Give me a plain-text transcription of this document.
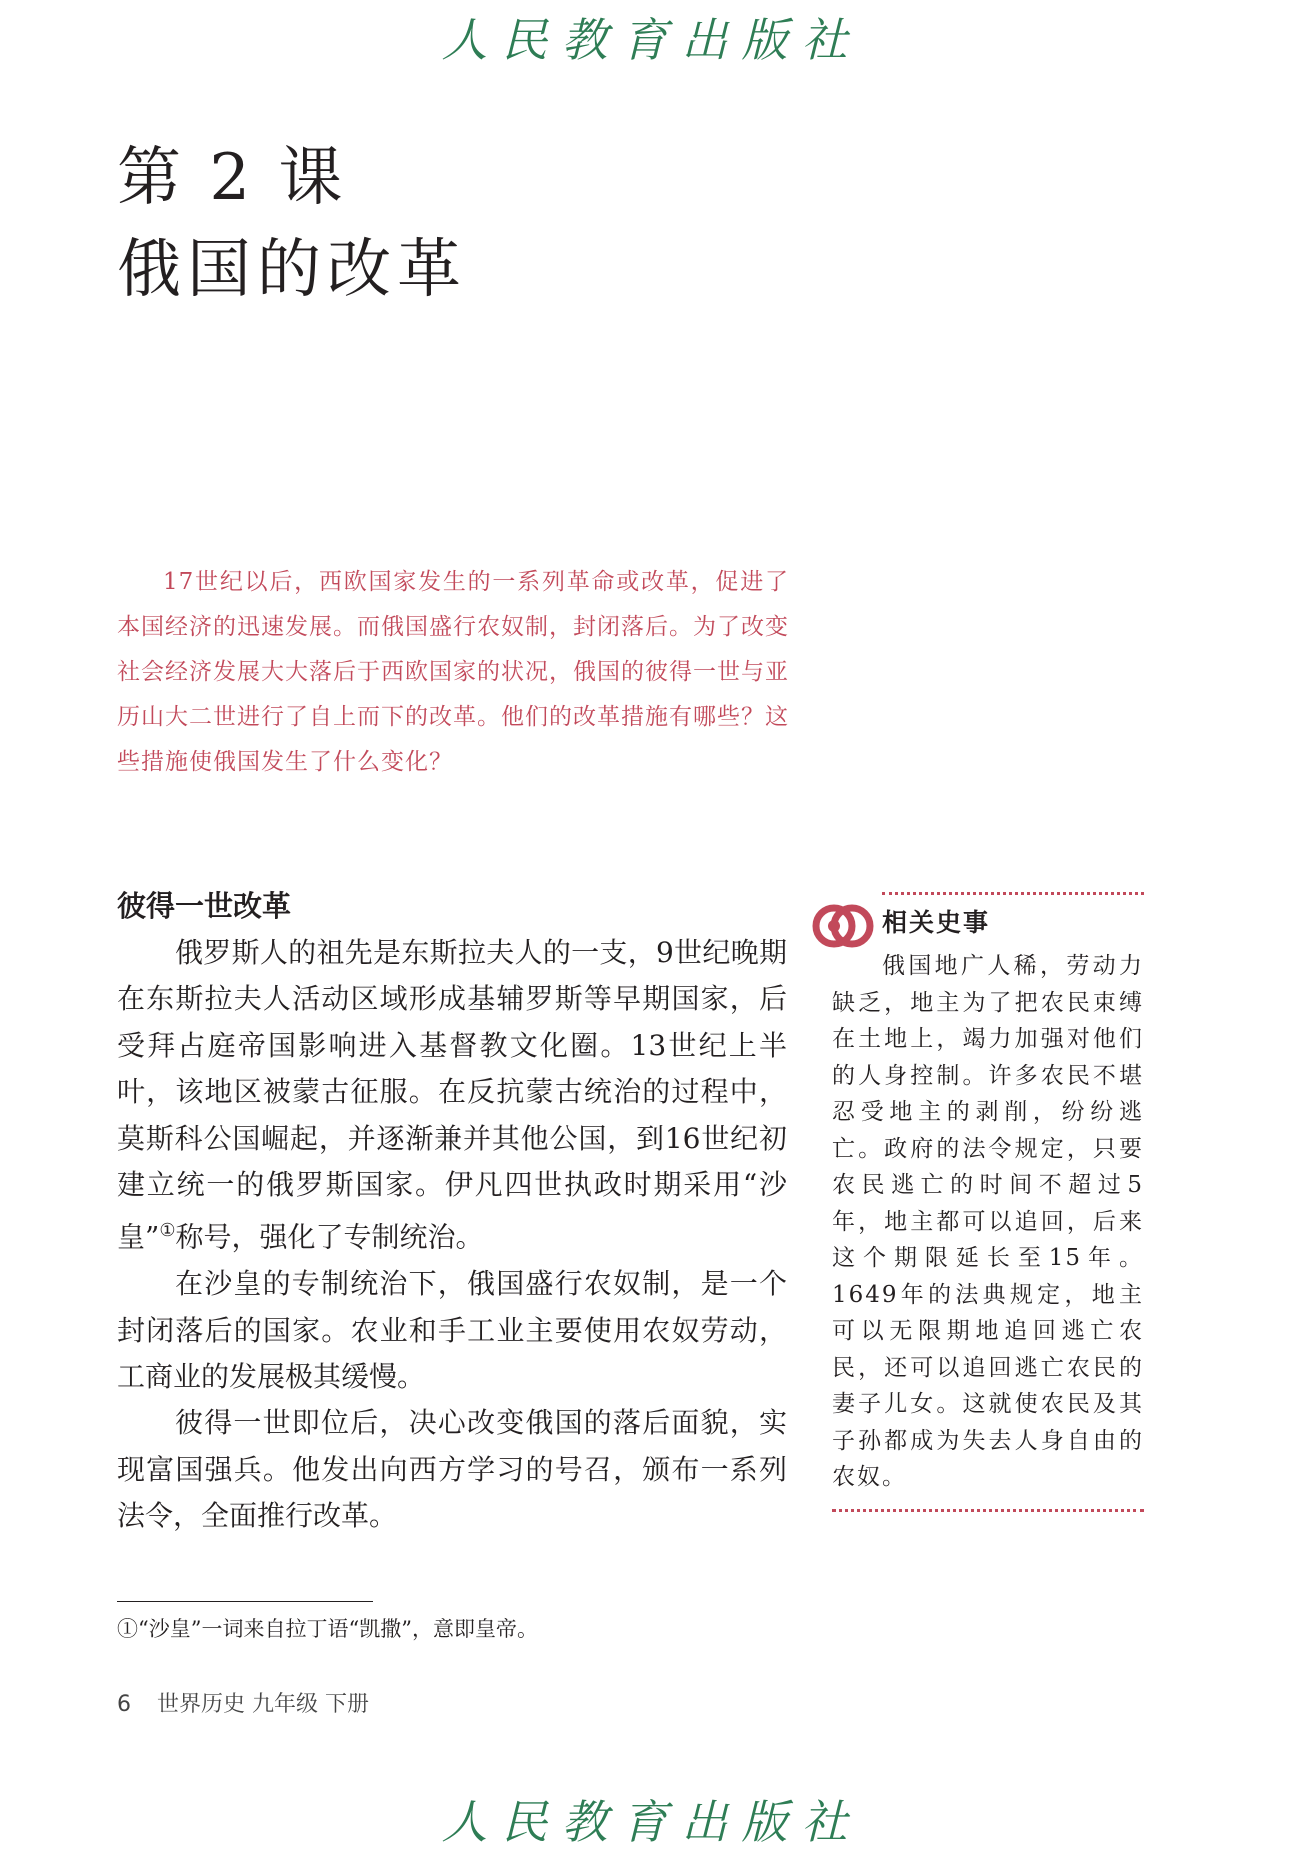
人民教育出版社
第 2 课
俄国的改革
17世纪以后，西欧国家发生的一系列革命或改革，促进了本国经济的迅速发展。而俄国盛行农奴制，封闭落后。为了改变社会经济发展大大落后于西欧国家的状况，俄国的彼得一世与亚历山大二世进行了自上而下的改革。他们的改革措施有哪些？这些措施使俄国发生了什么变化？
彼得一世改革

俄罗斯人的祖先是东斯拉夫人的一支，9世纪晚期在东斯拉夫人活动区域形成基辅罗斯等早期国家，后受拜占庭帝国影响进入基督教文化圈。13世纪上半叶，该地区被蒙古征服。在反抗蒙古统治的过程中，莫斯科公国崛起，并逐渐兼并其他公国，到16世纪初建立统一的俄罗斯国家。伊凡四世执政时期采用“沙皇”①称号，强化了专制统治。

在沙皇的专制统治下，俄国盛行农奴制，是一个封闭落后的国家。农业和手工业主要使用农奴劳动，工商业的发展极其缓慢。

彼得一世即位后，决心改变俄国的落后面貌，实现富国强兵。他发出向西方学习的号召，颁布一系列法令，全面推行改革。

①“沙皇”一词来自拉丁语“凯撒”，意即皇帝。
6 世界历史 九年级 下册
相关史事
俄国地广人稀，劳动力缺乏，地主为了把农民束缚在土地上，竭力加强对他们的人身控制。许多农民不堪忍受地主的剥削，纷纷逃亡。政府的法令规定，只要农民逃亡的时间不超过5年，地主都可以追回，后来这个期限延长至15年。1649年的法典规定，地主可以无限期地追回逃亡农民，还可以追回逃亡农民的妻子儿女。这就使农民及其子孙都成为失去人身自由的农奴。
人民教育出版社
